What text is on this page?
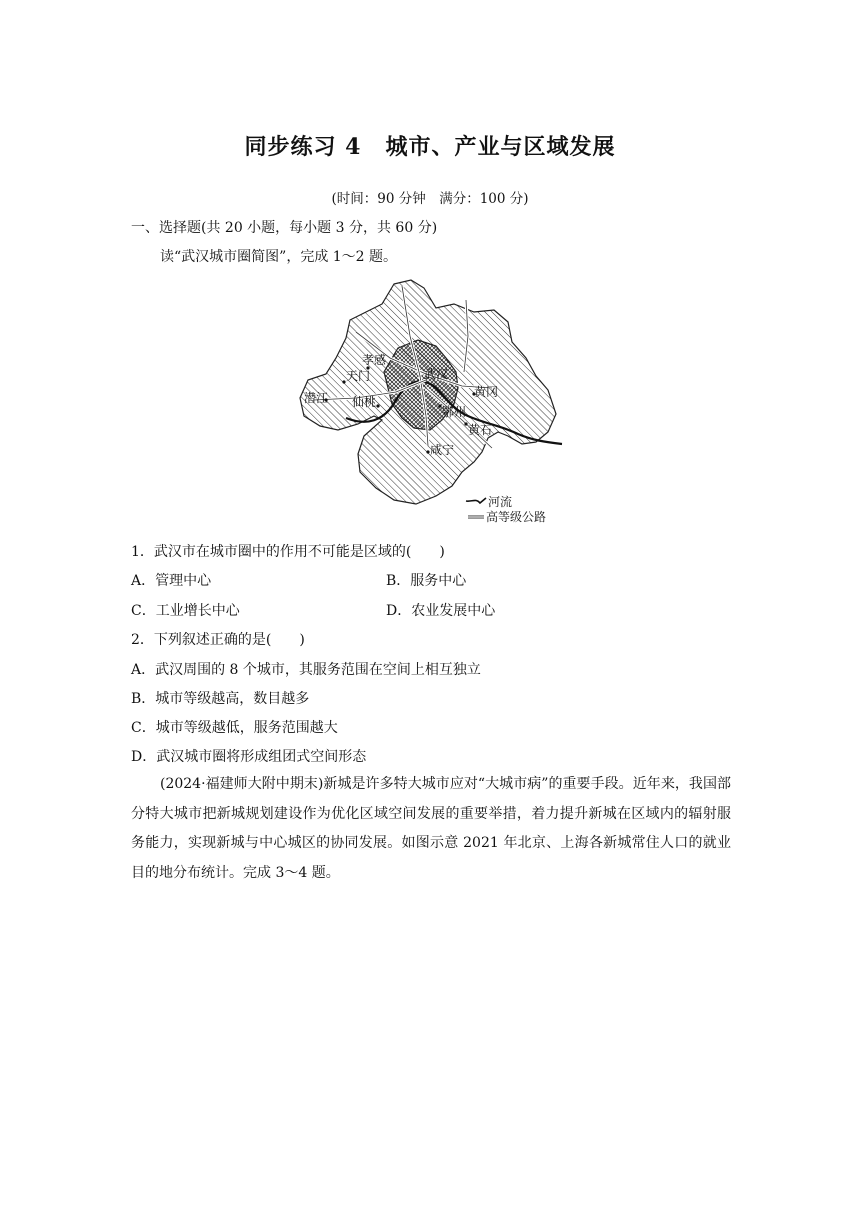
同步练习 4 城市、产业与区域发展
(时间：90 分钟　满分：100 分)
一、选择题(共 20 小题，每小题 3 分，共 60 分)
读“武汉城市圈简图”，完成 1～2 题。
孝感
天门	武汉
黄冈
潜江 仙桃
鄂州
黄石
咸宁
河流
高等级公路
1．武汉市在城市圈中的作用不可能是区域的(　　)
A．管理中心	B．服务中心
C．工业增长中心	D．农业发展中心
2．下列叙述正确的是(　　)
A．武汉周围的 8 个城市，其服务范围在空间上相互独立
B．城市等级越高，数目越多
C．城市等级越低，服务范围越大
D．武汉城市圈将形成组团式空间形态
(2024·福建师大附中期末)新城是许多特大城市应对“大城市病”的重要手段。近年来，我国部分特大城市把新城规划建设作为优化区域空间发展的重要举措，着力提升新城在区域内的辐射服务能力，实现新城与中心城区的协同发展。如图示意 2021 年北京、上海各新城常住人口的就业目的地分布统计。完成 3～4 题。
